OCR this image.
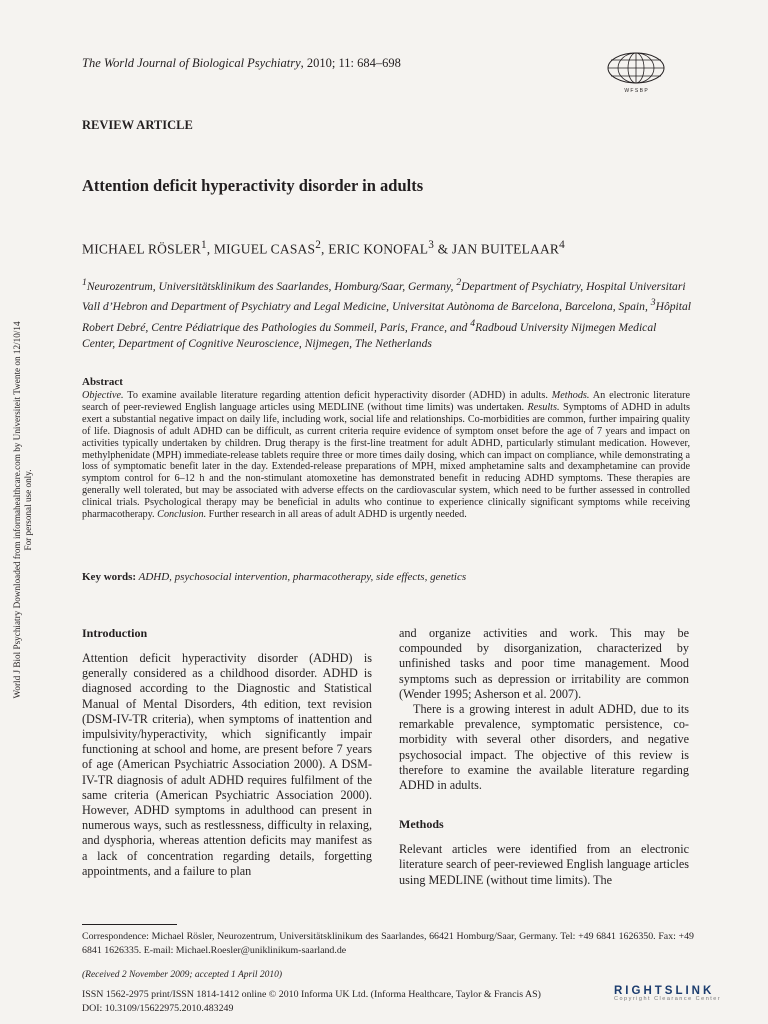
World J Biol Psychiatry Downloaded from informahealthcare.com by Universiteit Twente on 12/10/14 For personal use only.
The World Journal of Biological Psychiatry, 2010; 11: 684–698
W F S B P
REVIEW ARTICLE
Attention deficit hyperactivity disorder in adults
MICHAEL RÖSLER$^1$, MIGUEL CASAS$^2$, ERIC KONOFAL$^3$ & JAN BUITELAAR$^4$
$^1$Neurozentrum, Universitätsklinikum des Saarlandes, Homburg/Saar, Germany, $^2$Department of Psychiatry, Hospital Universitari Vall d’Hebron and Department of Psychiatry and Legal Medicine, Universitat Autònoma de Barcelona, Barcelona, Spain, $^3$Hôpital Robert Debré, Centre Pédiatrique des Pathologies du Sommeil, Paris, France, and $^4$Radboud University Nijmegen Medical Center, Department of Cognitive Neuroscience, Nijmegen, The Netherlands
Abstract
Objective. To examine available literature regarding attention deficit hyperactivity disorder (ADHD) in adults. Methods. An electronic literature search of peer-reviewed English language articles using MEDLINE (without time limits) was undertaken. Results. Symptoms of ADHD in adults exert a substantial negative impact on daily life, including work, social life and relationships. Co-morbidities are common, further impairing quality of life. Diagnosis of adult ADHD can be difficult, as current criteria require evidence of symptom onset before the age of 7 years and impact on activities typically undertaken by children. Drug therapy is the first-line treatment for adult ADHD, particularly stimulant medication. However, methylphenidate (MPH) immediate-release tablets require three or more times daily dosing, which can impact on compliance, while demonstrating a loss of symptomatic benefit later in the day. Extended-release preparations of MPH, mixed amphetamine salts and dexamphetamine can provide symptom control for 6–12 h and the non-stimulant atomoxetine has demonstrated benefit in reducing ADHD symptoms. These therapies are generally well tolerated, but may be associated with adverse effects on the cardiovascular system, which need to be further assessed in controlled clinical trials. Psychological therapy may be beneficial in adults who continue to experience clinically significant symptoms while receiving pharmacotherapy. Conclusion. Further research in all areas of adult ADHD is urgently needed.
Key words: ADHD, psychosocial intervention, pharmacotherapy, side effects, genetics
Introduction

Attention deficit hyperactivity disorder (ADHD) is generally considered as a childhood disorder. ADHD is diagnosed according to the Diagnostic and Statistical Manual of Mental Disorders, 4th edition, text revision (DSM-IV-TR criteria), when symptoms of inattention and impulsivity/hyperactivity, which significantly impair functioning at school and home, are present before 7 years of age (American Psychiatric Association 2000). A DSM-IV-TR diagnosis of adult ADHD requires fulfilment of the same criteria (American Psychiatric Association 2000). However, ADHD symptoms in adulthood can present in numerous ways, such as restlessness, difficulty in relaxing, and dysphoria, whereas attention deficits may manifest as a lack of concentration regarding details, forgetting appointments, and a failure to plan

and organize activities and work. This may be compounded by disorganization, characterized by unfinished tasks and poor time management. Mood symptoms such as depression or irritability are common (Wender 1995; Asherson et al. 2007).

There is a growing interest in adult ADHD, due to its remarkable prevalence, symptomatic persistence, co-morbidity with several other disorders, and negative psychosocial impact. The objective of this review is therefore to examine the available literature regarding ADHD in adults.

Methods

Relevant articles were identified from an electronic literature search of peer-reviewed English language articles using MEDLINE (without time limits). The

Correspondence: Michael Rösler, Neurozentrum, Universitätsklinikum des Saarlandes, 66421 Homburg/Saar, Germany. Tel: +49 6841 1626350. Fax: +49 6841 1626335. E-mail: Michael.Roesler@uniklinikum-saarland.de
(Received 2 November 2009; accepted 1 April 2010)
ISSN 1562-2975 print/ISSN 1814-1412 online © 2010 Informa UK Ltd. (Informa Healthcare, Taylor & Francis AS)
DOI: 10.3109/15622975.2010.483249
RIGHTSLINK
Copyright Clearance Center
